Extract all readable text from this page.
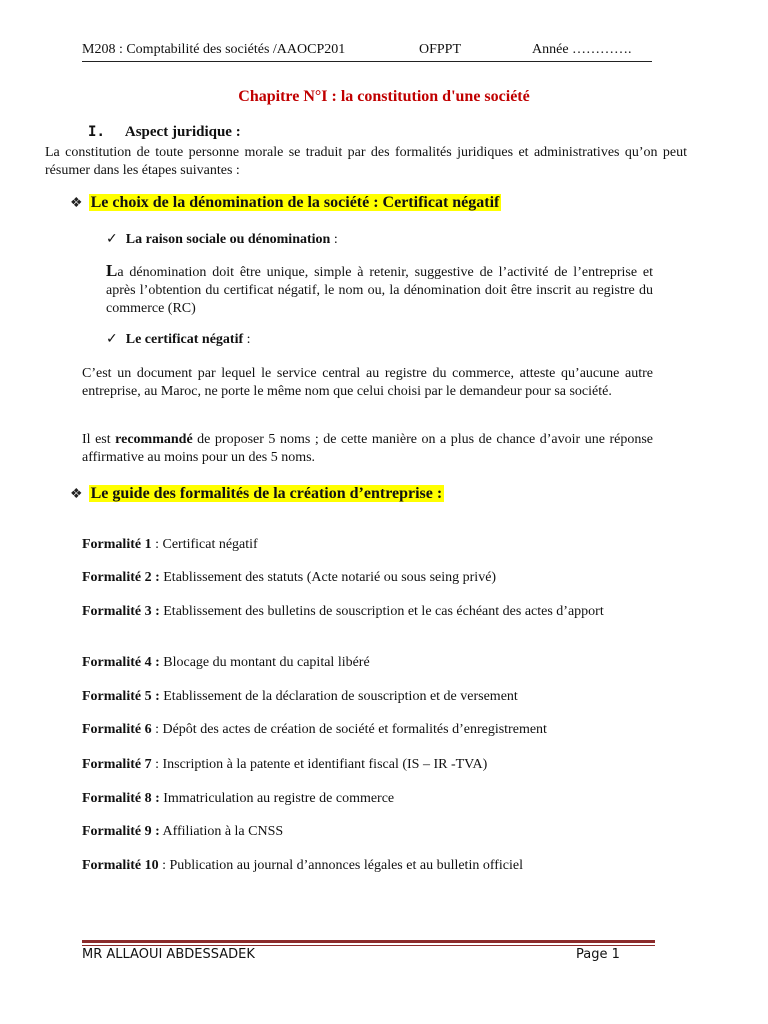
M208 : Comptabilité des sociétés /AAOCP201	OFPPT	Année ………….
Chapitre N°I : la constitution d'une société
I. Aspect juridique :
La constitution de toute personne morale se traduit par des formalités juridiques et administratives qu’on peut résumer dans les étapes suivantes :
❖ Le choix de la dénomination de la société : Certificat négatif
✓ La raison sociale ou dénomination :
La dénomination doit être unique, simple à retenir, suggestive de l’activité de l’entreprise et après l’obtention du certificat négatif, le nom ou, la dénomination doit être inscrit au registre du commerce (RC)
✓ Le certificat négatif :
C’est un document par lequel le service central au registre du commerce, atteste qu’aucune autre entreprise, au Maroc, ne porte le même nom que celui choisi par le demandeur pour sa société.
Il est recommandé de proposer 5 noms ; de cette manière on a plus de chance d’avoir une réponse affirmative au moins pour un des 5 noms.
❖ Le guide des formalités de la création d’entreprise :
Formalité 1 : Certificat négatif
Formalité 2 : Etablissement des statuts (Acte notarié ou sous seing privé)
Formalité 3 : Etablissement des bulletins de souscription et le cas échéant des actes d’apport
Formalité 4 : Blocage du montant du capital libéré
Formalité 5 : Etablissement de la déclaration de souscription et de versement
Formalité 6 : Dépôt des actes de création de société et formalités d’enregistrement
Formalité 7 : Inscription à la patente et identifiant fiscal (IS – IR -TVA)
Formalité 8 : Immatriculation au registre de commerce
Formalité 9 : Affiliation à la CNSS
Formalité 10 : Publication au journal d’annonces légales et au bulletin officiel
MR ALLAOUI ABDESSADEK	Page 1
